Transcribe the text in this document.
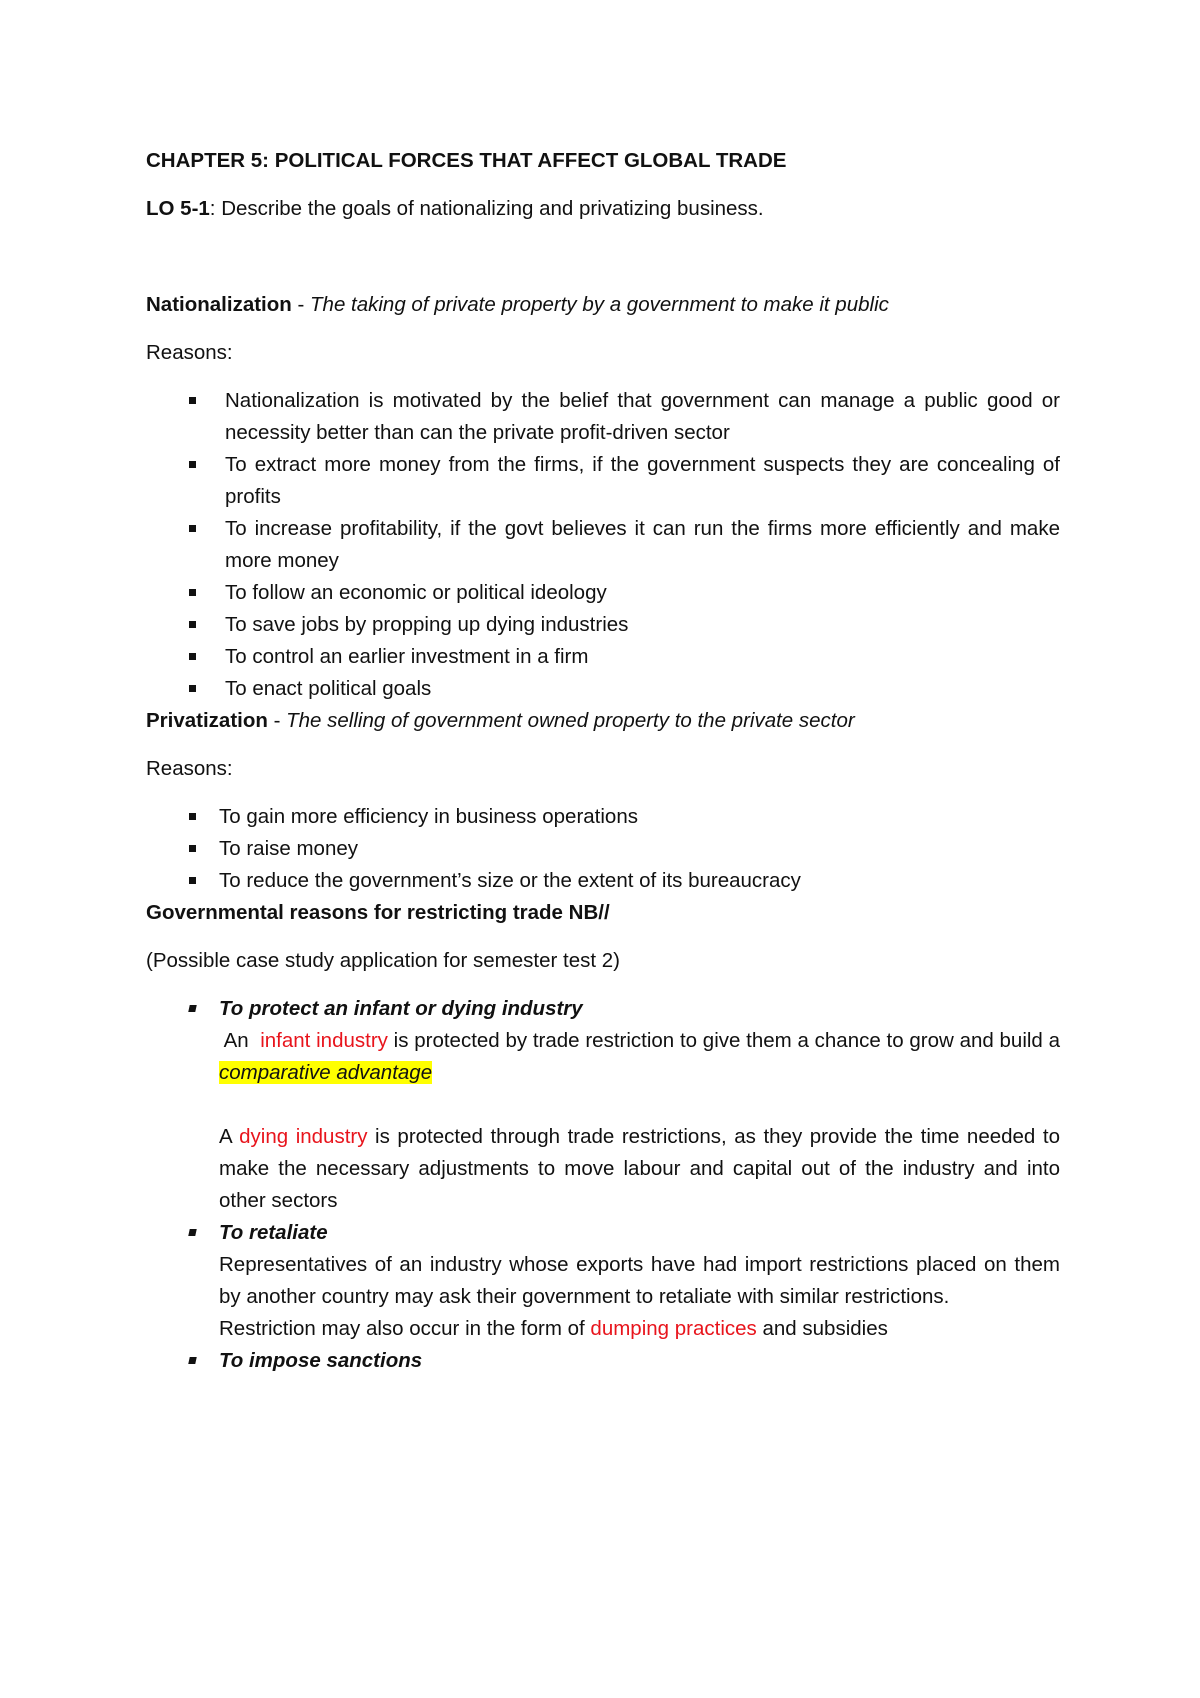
CHAPTER 5: POLITICAL FORCES THAT AFFECT GLOBAL TRADE
LO 5-1: Describe the goals of nationalizing and privatizing business.
Nationalization - The taking of private property by a government to make it public
Reasons:
Nationalization is motivated by the belief that government can manage a public good or necessity better than can the private profit-driven sector
To extract more money from the firms, if the government suspects they are concealing of profits
To increase profitability, if the govt believes it can run the firms more efficiently and make more money
To follow an economic or political ideology
To save jobs by propping up dying industries
To control an earlier investment in a firm
To enact political goals
Privatization - The selling of government owned property to the private sector
Reasons:
To gain more efficiency in business operations
To raise money
To reduce the government’s size or the extent of its bureaucracy
Governmental reasons for restricting trade NB//
(Possible case study application for semester test 2)
To protect an infant or dying industry
An  infant industry is protected by trade restriction to give them a chance to grow and build a comparative advantage
A dying industry is protected through trade restrictions, as they provide the time needed to make the necessary adjustments to move labour and capital out of the industry and into other sectors
To retaliate
Representatives of an industry whose exports have had import restrictions placed on them by another country may ask their government to retaliate with similar restrictions.
Restriction may also occur in the form of dumping practices and subsidies
To impose sanctions
